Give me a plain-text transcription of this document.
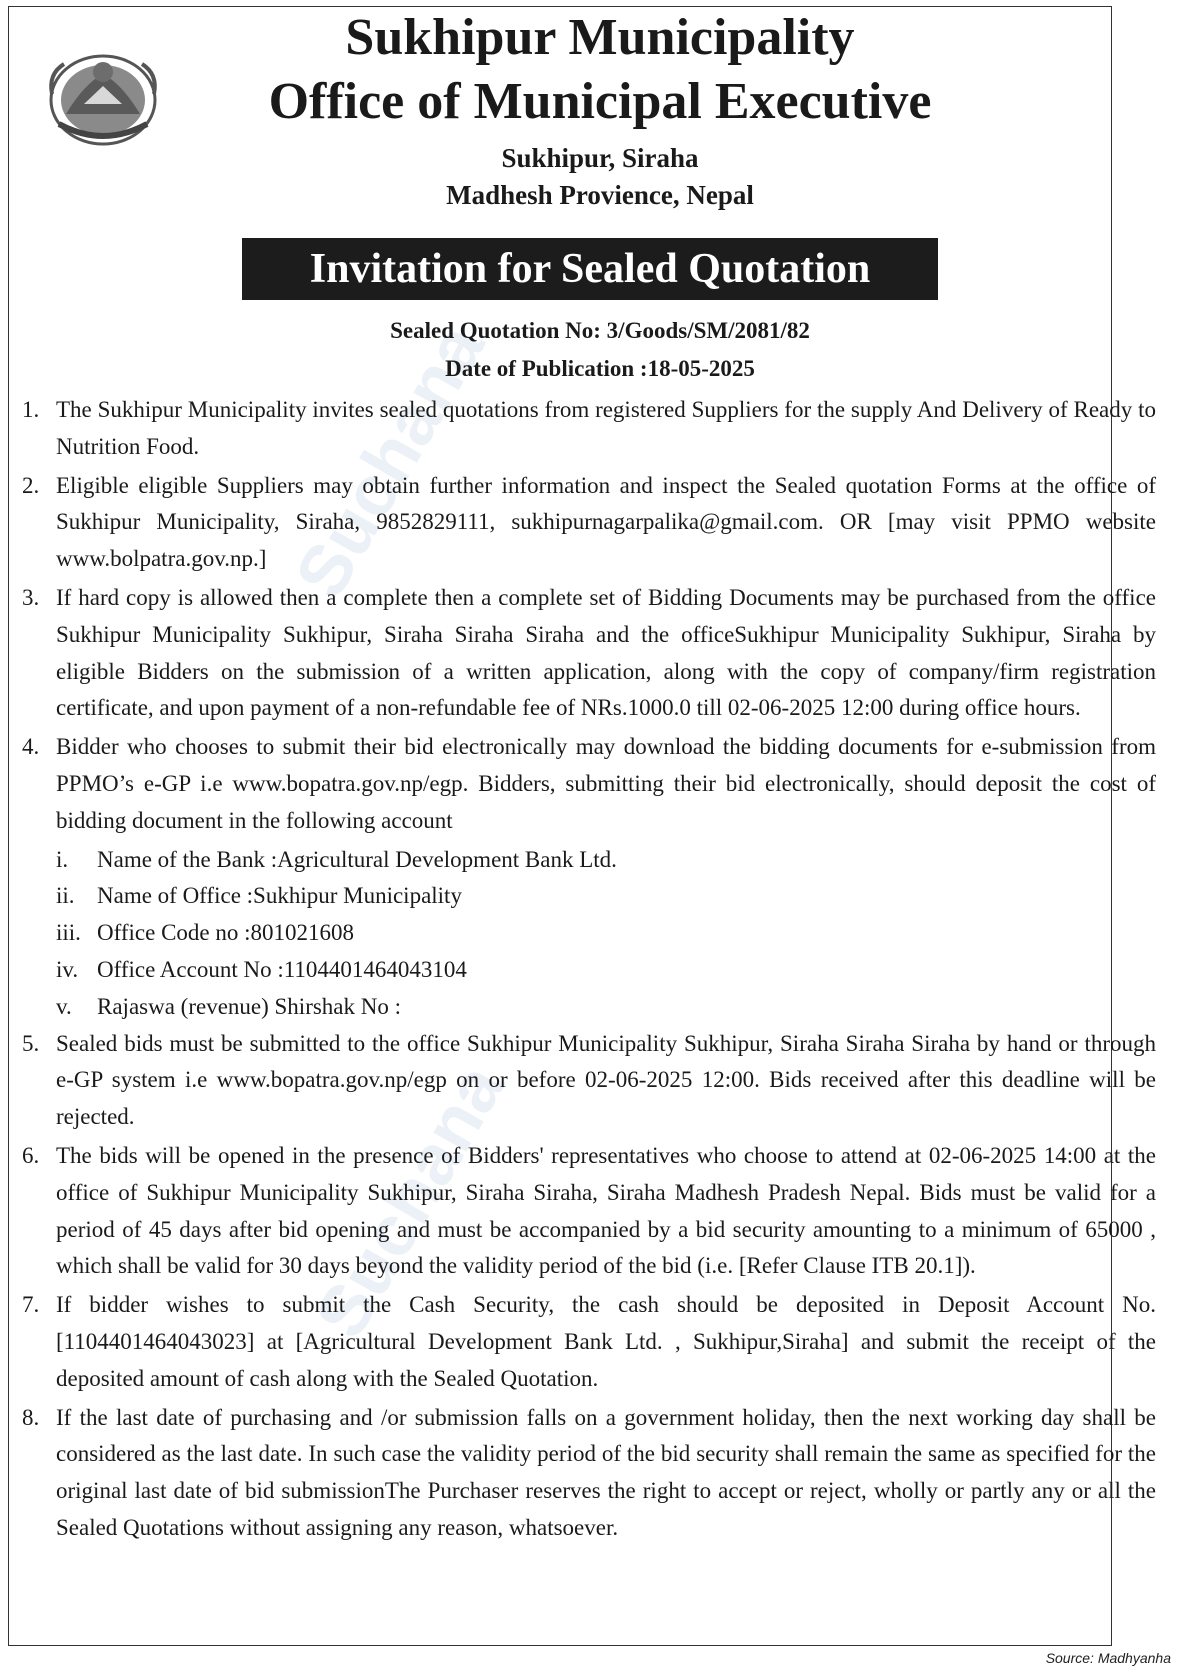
Suchana
Suchana
Sukhipur Municipality
Office of Municipal Executive
Sukhipur, Siraha
Madhesh Provience, Nepal
Invitation for Sealed Quotation
Sealed Quotation No: 3/Goods/SM/2081/82
Date of Publication :18-05-2025
1. The Sukhipur Municipality invites sealed quotations from registered Suppliers for the supply And Delivery of Ready to Nutrition Food.
2. Eligible eligible Suppliers may obtain further information and inspect the Sealed quotation Forms at the office of Sukhipur Municipality, Siraha, 9852829111, sukhipurnagarpalika@gmail.com. OR [may visit PPMO website www.bolpatra.gov.np.]
3. If hard copy is allowed then a complete then a complete set of Bidding Documents may be purchased from the office Sukhipur Municipality Sukhipur, Siraha Siraha Siraha and the officeSukhipur Municipality Sukhipur, Siraha by eligible Bidders on the submission of a written application, along with the copy of company/firm registration certificate, and upon payment of a non-refundable fee of NRs.1000.0 till 02-06-2025 12:00 during office hours.
4. Bidder who chooses to submit their bid electronically may download the bidding documents for e-submission from PPMO’s e-GP i.e www.bopatra.gov.np/egp. Bidders, submitting their bid electronically, should deposit the cost of bidding document in the following account
i. Name of the Bank :Agricultural Development Bank Ltd.
ii. Name of Office :Sukhipur Municipality
iii. Office Code no :801021608
iv. Office Account No :1104401464043104
v. Rajaswa (revenue) Shirshak No :
5. Sealed bids must be submitted to the office Sukhipur Municipality Sukhipur, Siraha Siraha Siraha by hand or through e-GP system i.e www.bopatra.gov.np/egp on or before 02-06-2025 12:00. Bids received after this deadline will be rejected.
6. The bids will be opened in the presence of Bidders' representatives who choose to attend at 02-06-2025 14:00 at the office of Sukhipur Municipality Sukhipur, Siraha Siraha, Siraha Madhesh Pradesh Nepal. Bids must be valid for a period of 45 days after bid opening and must be accompanied by a bid security amounting to a minimum of 65000 , which shall be valid for 30 days beyond the validity period of the bid (i.e. [Refer Clause ITB 20.1]).
7. If bidder wishes to submit the Cash Security, the cash should be deposited in Deposit Account No.[1104401464043023] at [Agricultural Development Bank Ltd. , Sukhipur,Siraha] and submit the receipt of the deposited amount of cash along with the Sealed Quotation.
8. If the last date of purchasing and /or submission falls on a government holiday, then the next working day shall be considered as the last date. In such case the validity period of the bid security shall remain the same as specified for the original last date of bid submissionThe Purchaser reserves the right to accept or reject, wholly or partly any or all the Sealed Quotations without assigning any reason, whatsoever.
Source: Madhyanha
